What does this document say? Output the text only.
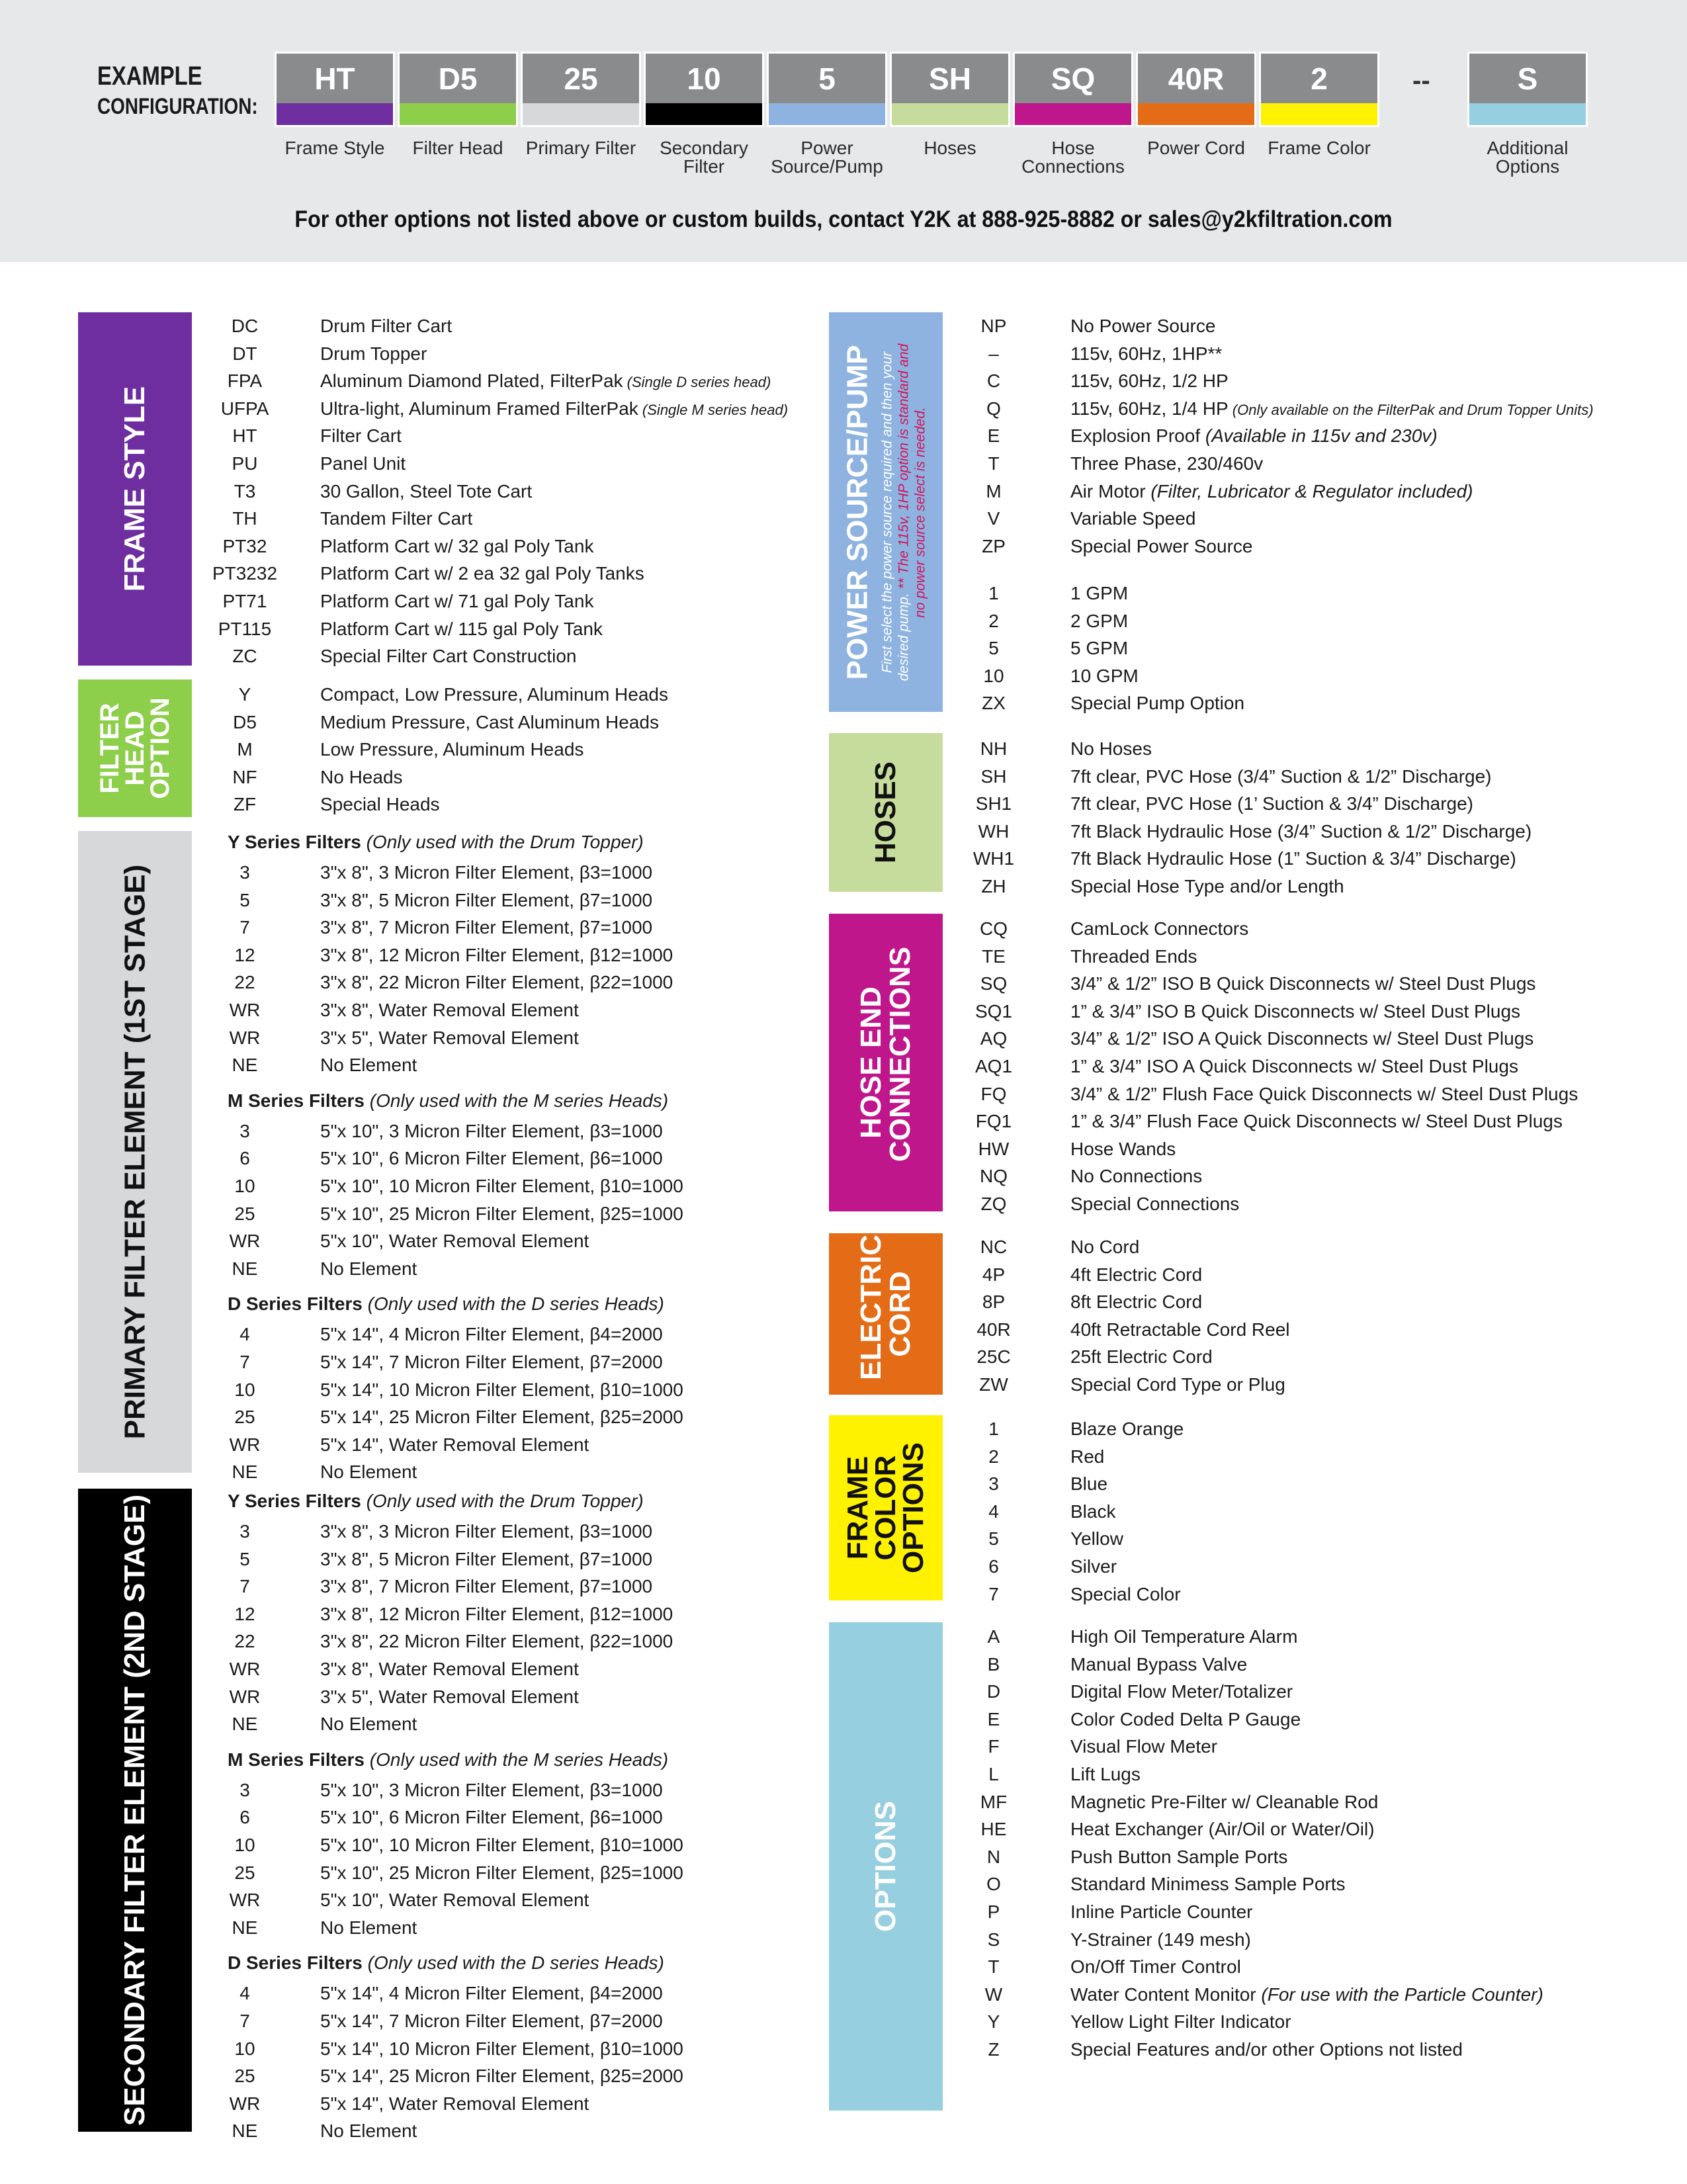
EXAMPLE
CONFIGURATION:
HT
Frame Style
D5
Filter Head
25
Primary Filter
10
Secondary Filter
5
Power Source/Pump
SH
Hoses
SQ
Hose Connections
40R
Power Cord
2
Frame Color
S
Additional Options
--
For other options not listed above or custom builds, contact Y2K at 888-925-8882 or sales@y2kfiltration.com
FRAME STYLE
FILTER HEAD OPTION
PRIMARY FILTER ELEMENT (1ST STAGE)
SECONDARY FILTER ELEMENT (2ND STAGE)
POWER SOURCE/PUMP First select the power source required and then your
desired pump. ** The 115v, 1HP option is standard and
no power source select is needed.
HOSES
HOSE END CONNECTIONS
ELECTRIC CORD
FRAME COLOR OPTIONS
OPTIONS
DC	Drum Filter Cart
DT	Drum Topper
FPA	Aluminum Diamond Plated, FilterPak (Single D series head)
UFPA	Ultra-light, Aluminum Framed FilterPak (Single M series head)
HT	Filter Cart
PU	Panel Unit
T3	30 Gallon, Steel Tote Cart
TH	Tandem Filter Cart
PT32	Platform Cart w/ 32 gal Poly Tank
PT3232	Platform Cart w/ 2 ea 32 gal Poly Tanks
PT71	Platform Cart w/ 71 gal Poly Tank
PT115	Platform Cart w/ 115 gal Poly Tank
ZC	Special Filter Cart Construction
Y	Compact, Low Pressure, Aluminum Heads
D5	Medium Pressure, Cast Aluminum Heads
M	Low Pressure, Aluminum Heads
NF	No Heads
ZF	Special Heads
Y Series Filters (Only used with the Drum Topper)
3	3"x 8", 3 Micron Filter Element, β3=1000
5	3"x 8", 5 Micron Filter Element, β7=1000
7	3"x 8", 7 Micron Filter Element, β7=1000
12	3"x 8", 12 Micron Filter Element, β12=1000
22	3"x 8", 22 Micron Filter Element, β22=1000
WR	3"x 8", Water Removal Element
WR	3"x 5", Water Removal Element
NE	No Element
M Series Filters (Only used with the M series Heads)
3	5"x 10", 3 Micron Filter Element, β3=1000
6	5"x 10", 6 Micron Filter Element, β6=1000
10	5"x 10", 10 Micron Filter Element, β10=1000
25	5"x 10", 25 Micron Filter Element, β25=1000
WR	5"x 10", Water Removal Element
NE	No Element
D Series Filters (Only used with the D series Heads)
4	5"x 14", 4 Micron Filter Element, β4=2000
7	5"x 14", 7 Micron Filter Element, β7=2000
10	5"x 14", 10 Micron Filter Element, β10=1000
25	5"x 14", 25 Micron Filter Element, β25=2000
WR	5"x 14", Water Removal Element
NE	No Element
Y Series Filters (Only used with the Drum Topper)
3	3"x 8", 3 Micron Filter Element, β3=1000
5	3"x 8", 5 Micron Filter Element, β7=1000
7	3"x 8", 7 Micron Filter Element, β7=1000
12	3"x 8", 12 Micron Filter Element, β12=1000
22	3"x 8", 22 Micron Filter Element, β22=1000
WR	3"x 8", Water Removal Element
WR	3"x 5", Water Removal Element
NE	No Element
M Series Filters (Only used with the M series Heads)
3	5"x 10", 3 Micron Filter Element, β3=1000
6	5"x 10", 6 Micron Filter Element, β6=1000
10	5"x 10", 10 Micron Filter Element, β10=1000
25	5"x 10", 25 Micron Filter Element, β25=1000
WR	5"x 10", Water Removal Element
NE	No Element
D Series Filters (Only used with the D series Heads)
4	5"x 14", 4 Micron Filter Element, β4=2000
7	5"x 14", 7 Micron Filter Element, β7=2000
10	5"x 14", 10 Micron Filter Element, β10=1000
25	5"x 14", 25 Micron Filter Element, β25=2000
WR	5"x 14", Water Removal Element
NE	No Element
NP	No Power Source
–	115v, 60Hz, 1HP**
C	115v, 60Hz, 1/2 HP
Q	115v, 60Hz, 1/4 HP (Only available on the FilterPak and Drum Topper Units)
E	Explosion Proof (Available in 115v and 230v)
T	Three Phase, 230/460v
M	Air Motor (Filter, Lubricator & Regulator included)
V	Variable Speed
ZP	Special Power Source
1	1 GPM
2	2 GPM
5	5 GPM
10	10 GPM
ZX	Special Pump Option
NH	No Hoses
SH	7ft clear, PVC Hose (3/4” Suction & 1/2” Discharge)
SH1	7ft clear, PVC Hose (1’ Suction & 3/4” Discharge)
WH	7ft Black Hydraulic Hose (3/4” Suction & 1/2” Discharge)
WH1	7ft Black Hydraulic Hose (1” Suction & 3/4” Discharge)
ZH	Special Hose Type and/or Length
CQ	CamLock Connectors
TE	Threaded Ends
SQ	3/4” & 1/2” ISO B Quick Disconnects w/ Steel Dust Plugs
SQ1	1” & 3/4” ISO B Quick Disconnects w/ Steel Dust Plugs
AQ	3/4” & 1/2” ISO A Quick Disconnects w/ Steel Dust Plugs
AQ1	1” & 3/4” ISO A Quick Disconnects w/ Steel Dust Plugs
FQ	3/4” & 1/2” Flush Face Quick Disconnects w/ Steel Dust Plugs
FQ1	1” & 3/4” Flush Face Quick Disconnects w/ Steel Dust Plugs
HW	Hose Wands
NQ	No Connections
ZQ	Special Connections
NC	No Cord
4P	4ft Electric Cord
8P	8ft Electric Cord
40R	40ft Retractable Cord Reel
25C	25ft Electric Cord
ZW	Special Cord Type or Plug
1	Blaze Orange
2	Red
3	Blue
4	Black
5	Yellow
6	Silver
7	Special Color
A	High Oil Temperature Alarm
B	Manual Bypass Valve
D	Digital Flow Meter/Totalizer
E	Color Coded Delta P Gauge
F	Visual Flow Meter
L	Lift Lugs
MF	Magnetic Pre-Filter w/ Cleanable Rod
HE	Heat Exchanger (Air/Oil or Water/Oil)
N	Push Button Sample Ports
O	Standard Minimess Sample Ports
P	Inline Particle Counter
S	Y-Strainer (149 mesh)
T	On/Off Timer Control
W	Water Content Monitor (For use with the Particle Counter)
Y	Yellow Light Filter Indicator
Z	Special Features and/or other Options not listed
